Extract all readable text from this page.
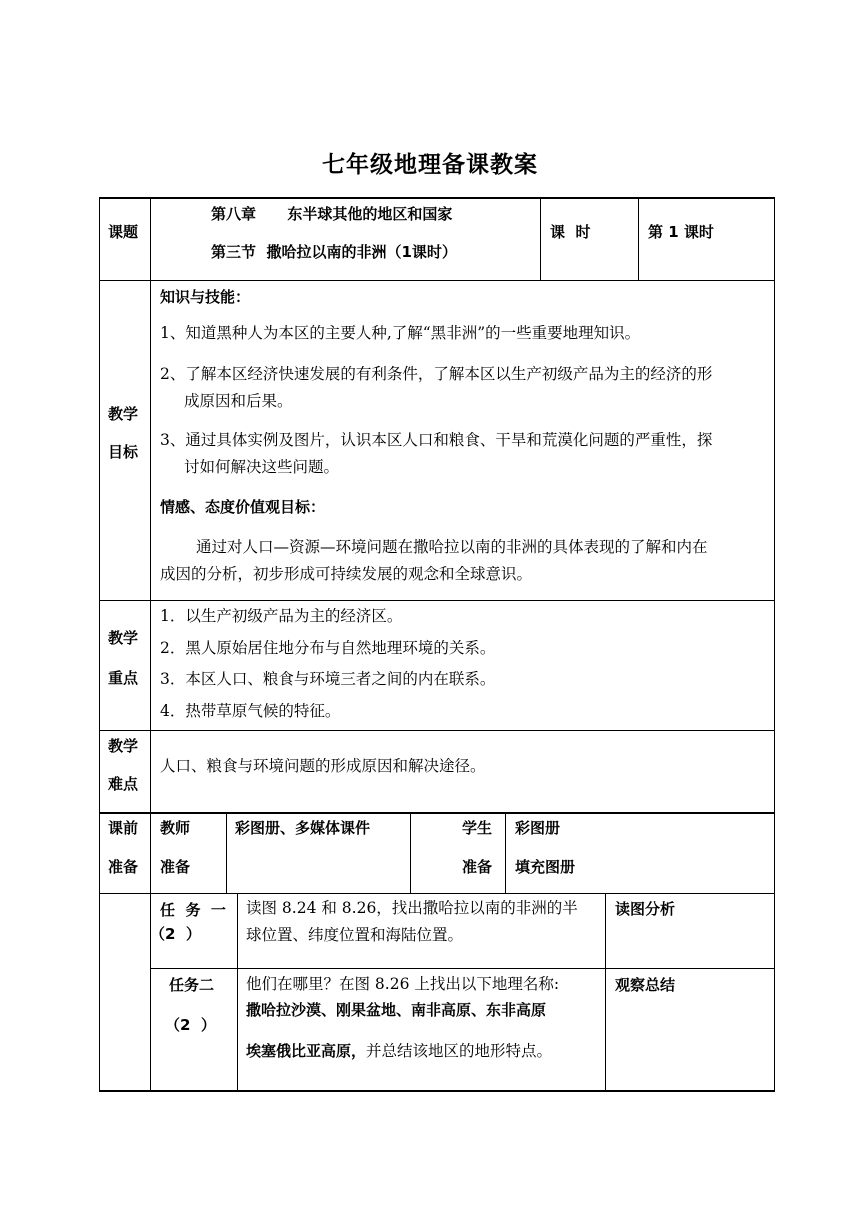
七年级地理备课教案
课题
第八章      东半球其他的地区和国家
第三节  撒哈拉以南的非洲（1课时）
课  时	第 1 课时
教学
目标
知识与技能：
1、知道黑种人为本区的主要人种,了解“黑非洲”的一些重要地理知识。
2、了解本区经济快速发展的有利条件，了解本区以生产初级产品为主的经济的形
成原因和后果。
3、通过具体实例及图片，认识本区人口和粮食、干旱和荒漠化问题的严重性，探
讨如何解决这些问题。
情感、态度价值观目标：
通过对人口—资源—环境问题在撒哈拉以南的非洲的具体表现的了解和内在
成因的分析，初步形成可持续发展的观念和全球意识。
教学
重点
1．以生产初级产品为主的经济区。
2．黑人原始居住地分布与自然地理环境的关系。
3．本区人口、粮食与环境三者之间的内在联系。
4．热带草原气候的特征。
教学
难点
人口、粮食与环境问题的形成原因和解决途径。
课前
准备
教师
准备
彩图册、多媒体课件	学生
准备
彩图册
填充图册
任  务  一
（2  ）
读图 8.24 和 8.26，找出撒哈拉以南的非洲的半
球位置、纬度位置和海陆位置。
读图分析
任务二
（2  ）
他们在哪里？在图 8.26 上找出以下地理名称:
撒哈拉沙漠、刚果盆地、南非高原、东非高原
埃塞俄比亚高原，并总结该地区的地形特点。
观察总结
